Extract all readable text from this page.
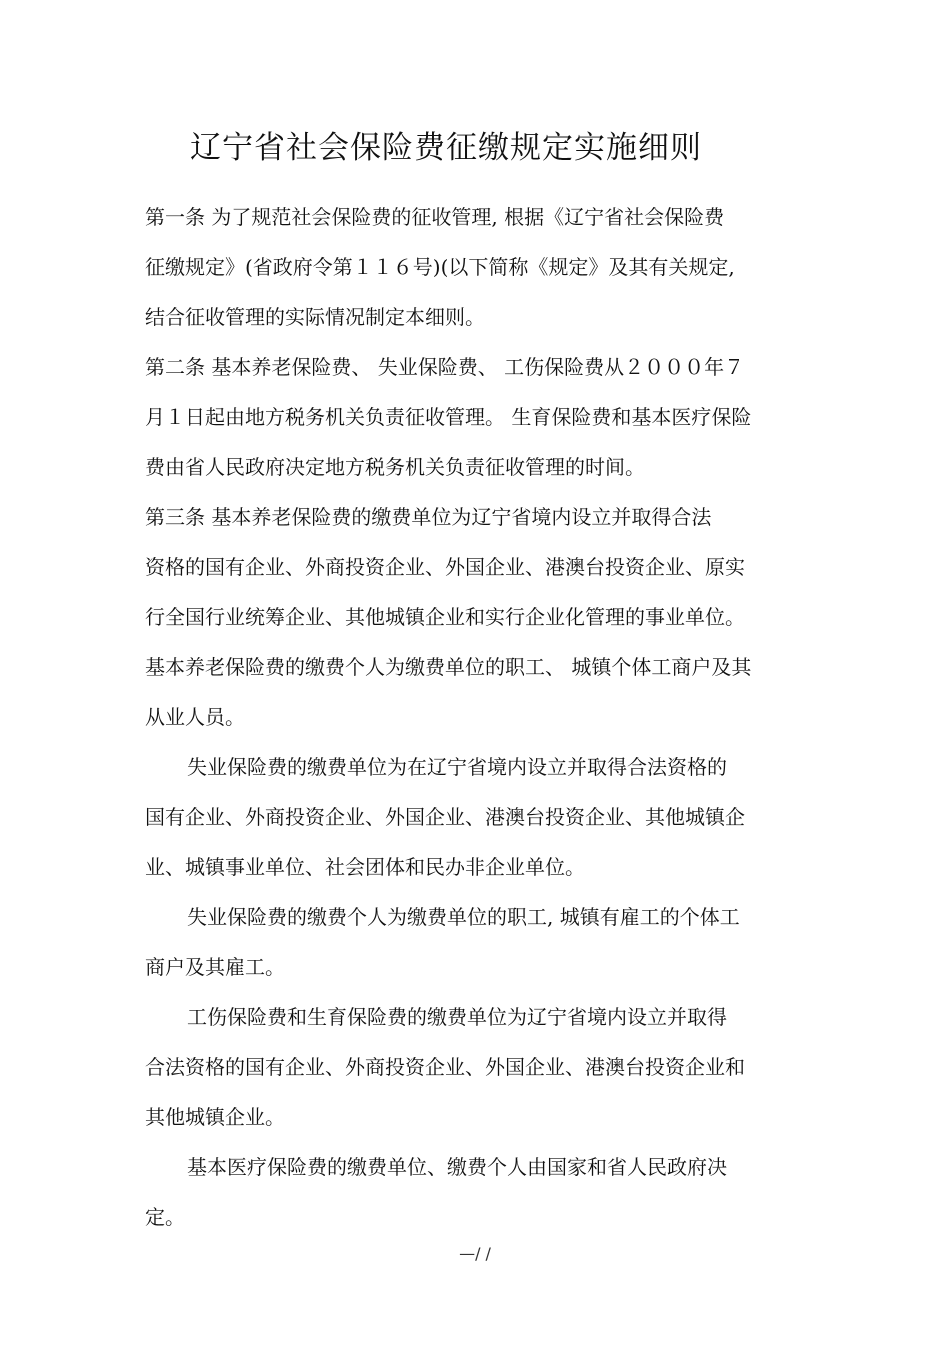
辽宁省社会保险费征缴规定实施细则
第一条 为了规范社会保险费的征收管理, 根据《辽宁省社会保险费
征缴规定》(省政府令第１１６号)(以下简称《规定》及其有关规定,
结合征收管理的实际情况制定本细则。
第二条 基本养老保险费、 失业保险费、 工伤保险费从２０００年７
月１日起由地方税务机关负责征收管理。 生育保险费和基本医疗保险
费由省人民政府决定地方税务机关负责征收管理的时间。
第三条 基本养老保险费的缴费单位为辽宁省境内设立并取得合法
资格的国有企业、外商投资企业、外国企业、港澳台投资企业、原实
行全国行业统筹企业、其他城镇企业和实行企业化管理的事业单位。
基本养老保险费的缴费个人为缴费单位的职工、 城镇个体工商户及其
从业人员。
失业保险费的缴费单位为在辽宁省境内设立并取得合法资格的
国有企业、外商投资企业、外国企业、港澳台投资企业、其他城镇企
业、城镇事业单位、社会团体和民办非企业单位。
失业保险费的缴费个人为缴费单位的职工, 城镇有雇工的个体工
商户及其雇工。
工伤保险费和生育保险费的缴费单位为辽宁省境内设立并取得
合法资格的国有企业、外商投资企业、外国企业、港澳台投资企业和
其他城镇企业。
基本医疗保险费的缴费单位、缴费个人由国家和省人民政府决
定。
—/ /
